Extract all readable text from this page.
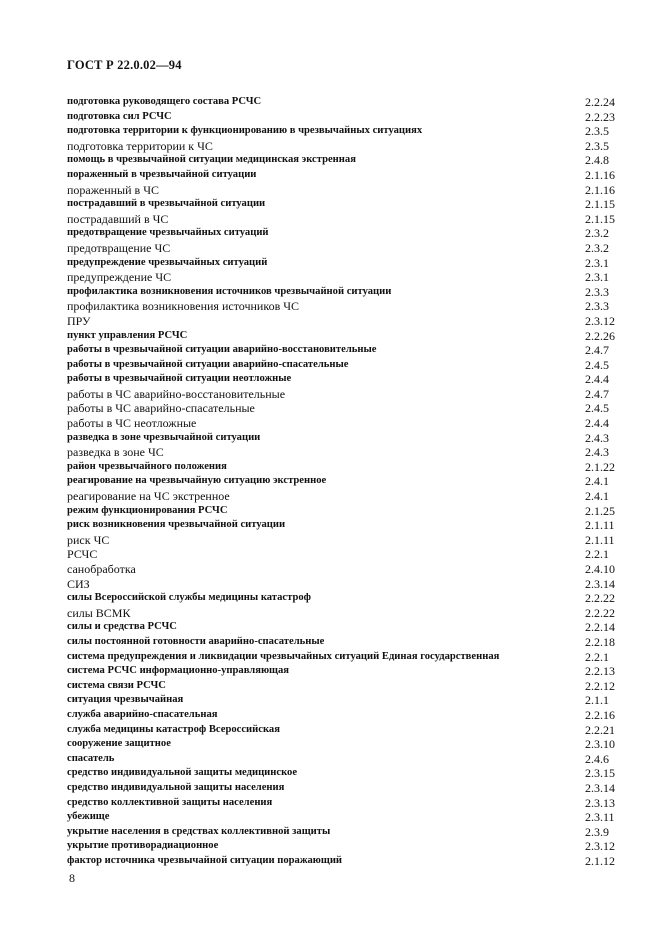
ГОСТ Р 22.0.02—94
подготовка руководящего состава РСЧС	2.2.24
подготовка сил РСЧС	2.2.23
подготовка территории к функционированию в чрезвычайных ситуациях	2.3.5
подготовка территории к ЧС	2.3.5
помощь в чрезвычайной ситуации медицинская экстренная	2.4.8
пораженный в чрезвычайной ситуации	2.1.16
пораженный в ЧС	2.1.16
пострадавший в чрезвычайной ситуации	2.1.15
пострадавший в ЧС	2.1.15
предотвращение чрезвычайных ситуаций	2.3.2
предотвращение ЧС	2.3.2
предупреждение чрезвычайных ситуаций	2.3.1
предупреждение ЧС	2.3.1
профилактика возникновения источников чрезвычайной ситуации	2.3.3
профилактика возникновения источников ЧС	2.3.3
ПРУ	2.3.12
пункт управления РСЧС	2.2.26
работы в чрезвычайной ситуации аварийно-восстановительные	2.4.7
работы в чрезвычайной ситуации аварийно-спасательные	2.4.5
работы в чрезвычайной ситуации неотложные	2.4.4
работы в ЧС аварийно-восстановительные	2.4.7
работы в ЧС аварийно-спасательные	2.4.5
работы в ЧС неотложные	2.4.4
разведка в зоне чрезвычайной ситуации	2.4.3
разведка в зоне ЧС	2.4.3
район чрезвычайного положения	2.1.22
реагирование на чрезвычайную ситуацию экстренное	2.4.1
реагирование на ЧС экстренное	2.4.1
режим функционирования РСЧС	2.1.25
риск возникновения чрезвычайной ситуации	2.1.11
риск ЧС	2.1.11
РСЧС	2.2.1
санобработка	2.4.10
СИЗ	2.3.14
силы Всероссийской службы медицины катастроф	2.2.22
силы ВСМК	2.2.22
силы и средства РСЧС	2.2.14
силы постоянной готовности аварийно-спасательные	2.2.18
система предупреждения и ликвидации чрезвычайных ситуаций Единая государственная	2.2.1
система РСЧС информационно-управляющая	2.2.13
система связи РСЧС	2.2.12
ситуация чрезвычайная	2.1.1
служба аварийно-спасательная	2.2.16
служба медицины катастроф Всероссийская	2.2.21
сооружение защитное	2.3.10
спасатель	2.4.6
средство индивидуальной защиты медицинское	2.3.15
средство индивидуальной защиты населения	2.3.14
средство коллективной защиты населения	2.3.13
убежище	2.3.11
укрытие населения в средствах коллективной защиты	2.3.9
укрытие противорадиационное	2.3.12
фактор источника чрезвычайной ситуации поражающий	2.1.12
8
